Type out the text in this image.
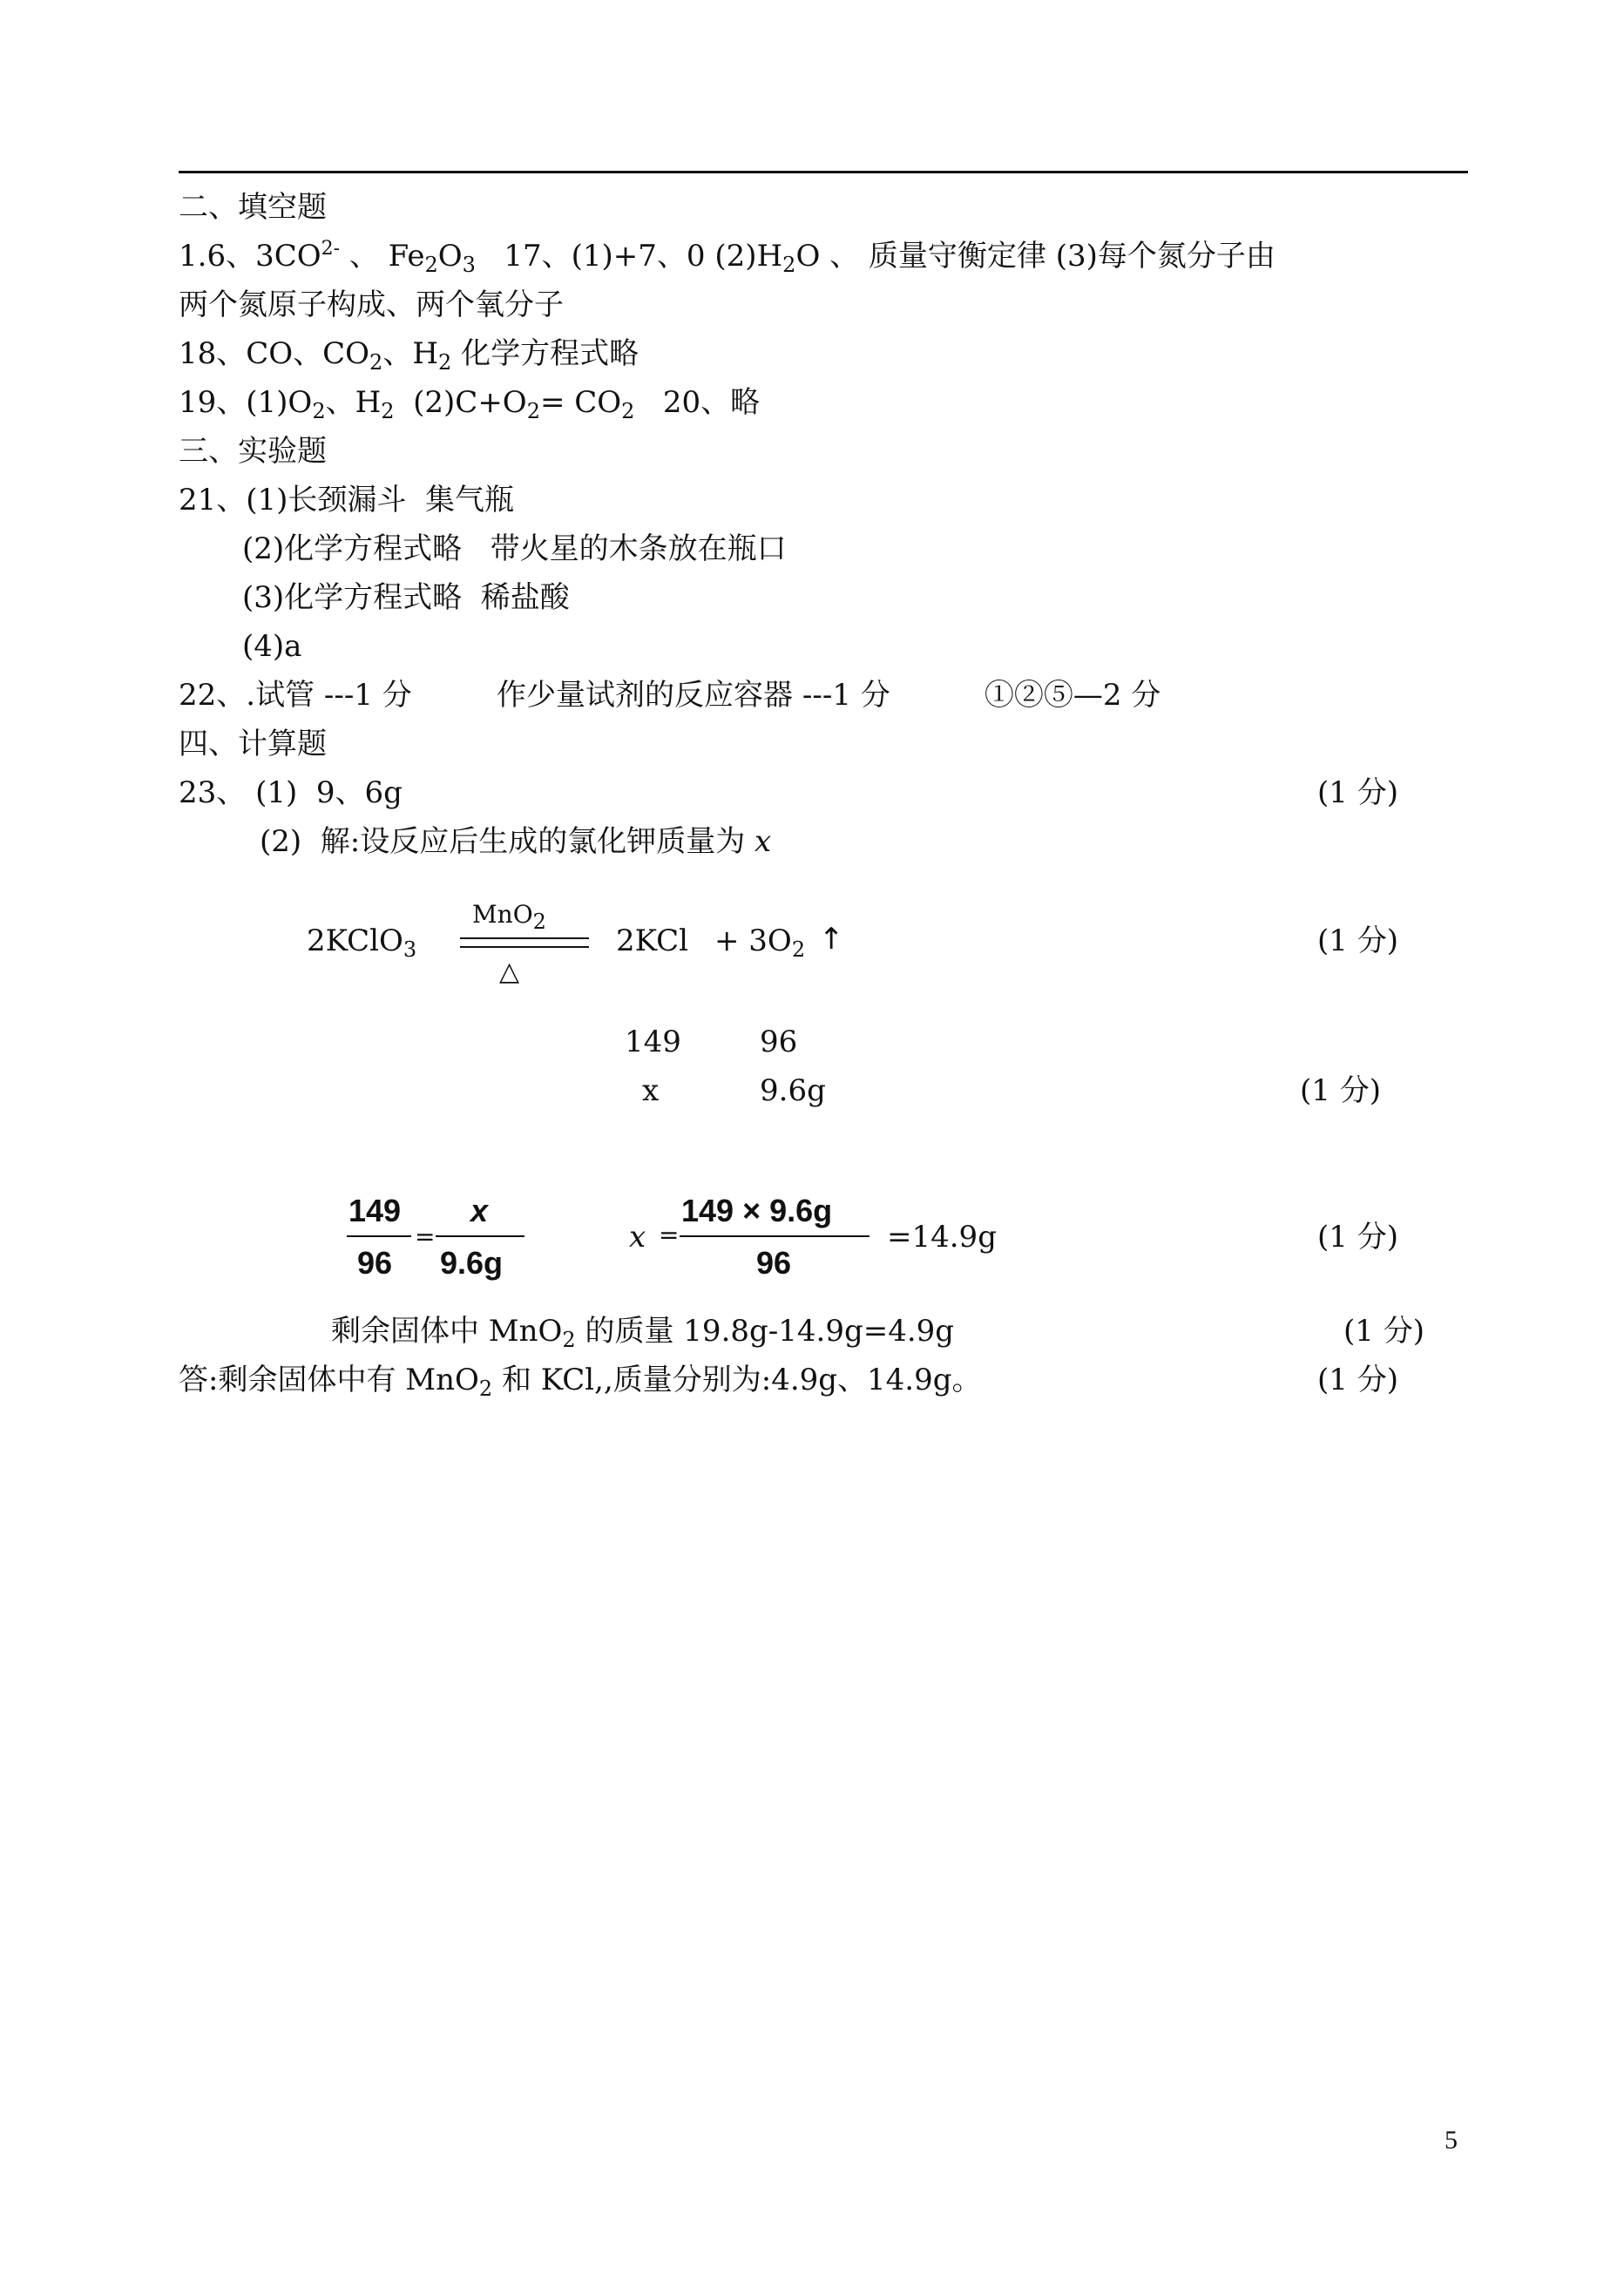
二、填空题
1.6、$3CO^{2-}$ 、 $Fe_2O_3$   17、(1)+7、0 $(2)H_2O$ 、 质量守衡定律 (3)每个氮分子由
两个氮原子构成、两个氧分子
18、CO、$CO_2$、$H_2$ 化学方程式略
19、$(1)O_2$、$H_2$  $(2)C+O_2= CO_2$   20、略
三、实验题
21、(1)长颈漏斗  集气瓶
(2)化学方程式略   带火星的木条放在瓶口
(3)化学方程式略  稀盐酸
(4)a
22、.试管 ---1 分         作少量试剂的反应容器 ---1 分          ①②⑤—2 分
四、计算题
23、 (1)  9、6g	(1 分)
(2)  解:设反应后生成的氯化钾质量为 x
2KClO$_3$
MnO$_2$
△
$2KCl + 3O_2$ ↑	(1 分)
149	96
x	9.6g	(1 分)
149
96
=
x
9.6g
x =
149 × 9.6g
96
=14.9g	(1 分)
剩余固体中 MnO$_2$ 的质量 19.8g-14.9g=4.9g	(1 分)
答:剩余固体中有 MnO$_2$ 和 KCl,,质量分别为:4.9g、14.9g。	(1 分)
5
